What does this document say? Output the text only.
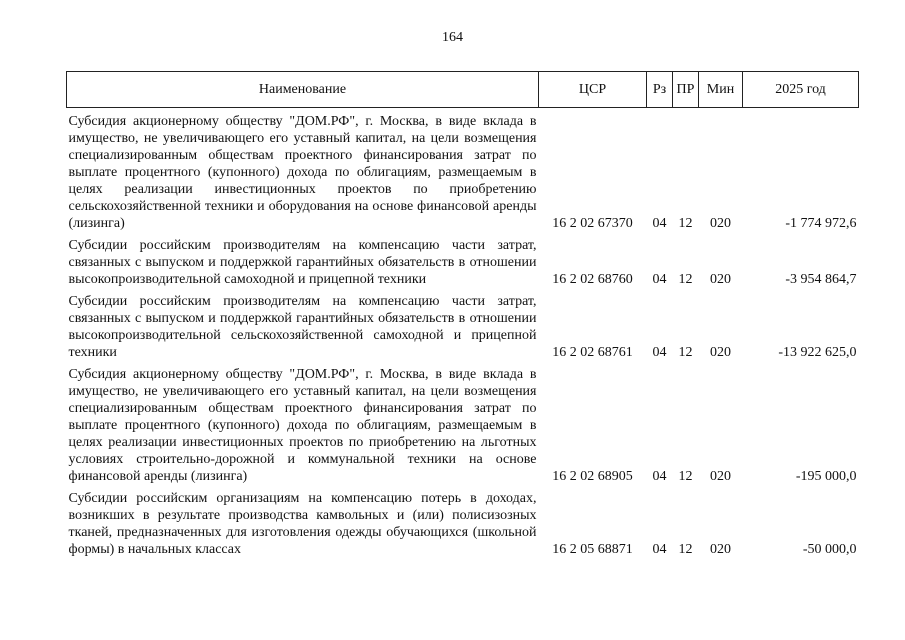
164
Наименование	ЦСР	Рз	ПР	Мин	2025 год
Субсидия акционерному обществу "ДОМ.РФ", г. Москва, в виде вклада в имущество, не увеличивающего его уставный капитал, на цели возмещения специализированным обществам проектного финансирования затрат по выплате процентного (купонного) дохода по облигациям, размещаемым в целях реализации инвестиционных проектов по приобретению сельскохозяйственной техники и оборудования на основе финансовой аренды (лизинга)	16 2 02 67370	04	12	020	-1 774 972,6
Субсидии российским производителям на компенсацию части затрат, связанных с выпуском и поддержкой гарантийных обязательств в отношении высокопроизводительной самоходной и прицепной техники	16 2 02 68760	04	12	020	-3 954 864,7
Субсидии российским производителям на компенсацию части затрат, связанных с выпуском и поддержкой гарантийных обязательств в отношении высокопроизводительной сельскохозяйственной самоходной и прицепной техники	16 2 02 68761	04	12	020	-13 922 625,0
Субсидия акционерному обществу "ДОМ.РФ", г. Москва, в виде вклада в имущество, не увеличивающего его уставный капитал, на цели возмещения специализированным обществам проектного финансирования затрат по выплате процентного (купонного) дохода по облигациям, размещаемым в целях реализации инвестиционных проектов по приобретению на льготных условиях строительно-дорожной и коммунальной техники на основе финансовой аренды (лизинга)	16 2 02 68905	04	12	020	-195 000,0
Субсидии российским организациям на компенсацию потерь в доходах, возникших в результате производства камвольных и (или) полисизозных тканей, предназначенных для изготовления одежды обучающихся (школьной формы) в начальных классах	16 2 05 68871	04	12	020	-50 000,0
